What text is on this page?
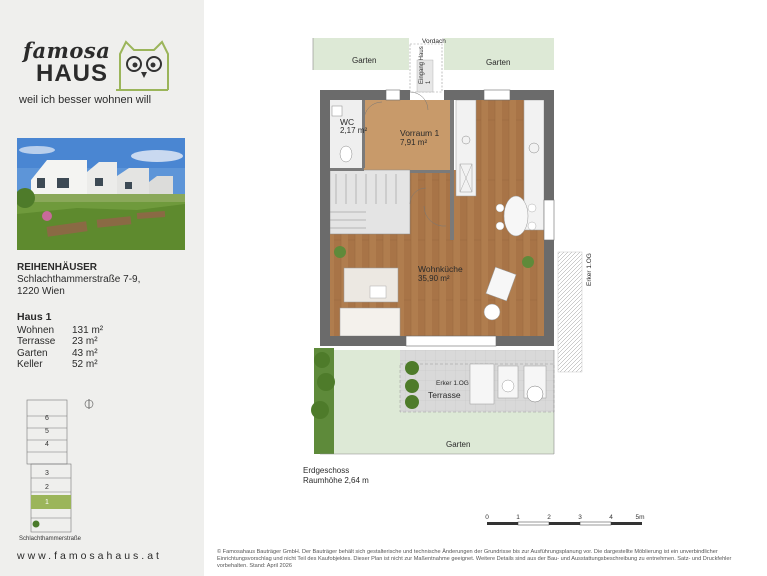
famosa
HAUS
weil ich besser wohnen will
REIHENHÄUSER
Schlachthammerstraße 7-9,
1220 Wien
Haus 1
Wohnen	131 m²
Terrasse	23 m²
Garten	43 m²
Keller	52 m²
6
5
4
3
2
1
Schlachthammerstraße
www.famosahaus.at
Garten	Garten
Vordach
Eingang Haus 1
WC
2,17 m²	Vorraum 1
7,91 m²
Wohnküche
35,90 m²	Erker 1.OG
Erker 1.OG
Terrasse
Garten
Erdgeschoss
Raumhöhe 2,64 m
0	1	2	3	4	5m
© Famosahaus Bauträger GmbH. Der Bauträger behält sich gestalterische und technische Änderungen der Grundrisse bis zur Ausführungsplanung vor. Die dargestellte Möblierung ist ein unverbindlicher Einrichtungsvorschlag und nicht Teil des Kaufobjektes. Dieser Plan ist nicht zur Maßentnahme geeignet. Weitere Details sind aus der Bau- und Ausstattungsbeschreibung zu entnehmen. Satz- und Druckfehler vorbehalten. Stand: April 2026
